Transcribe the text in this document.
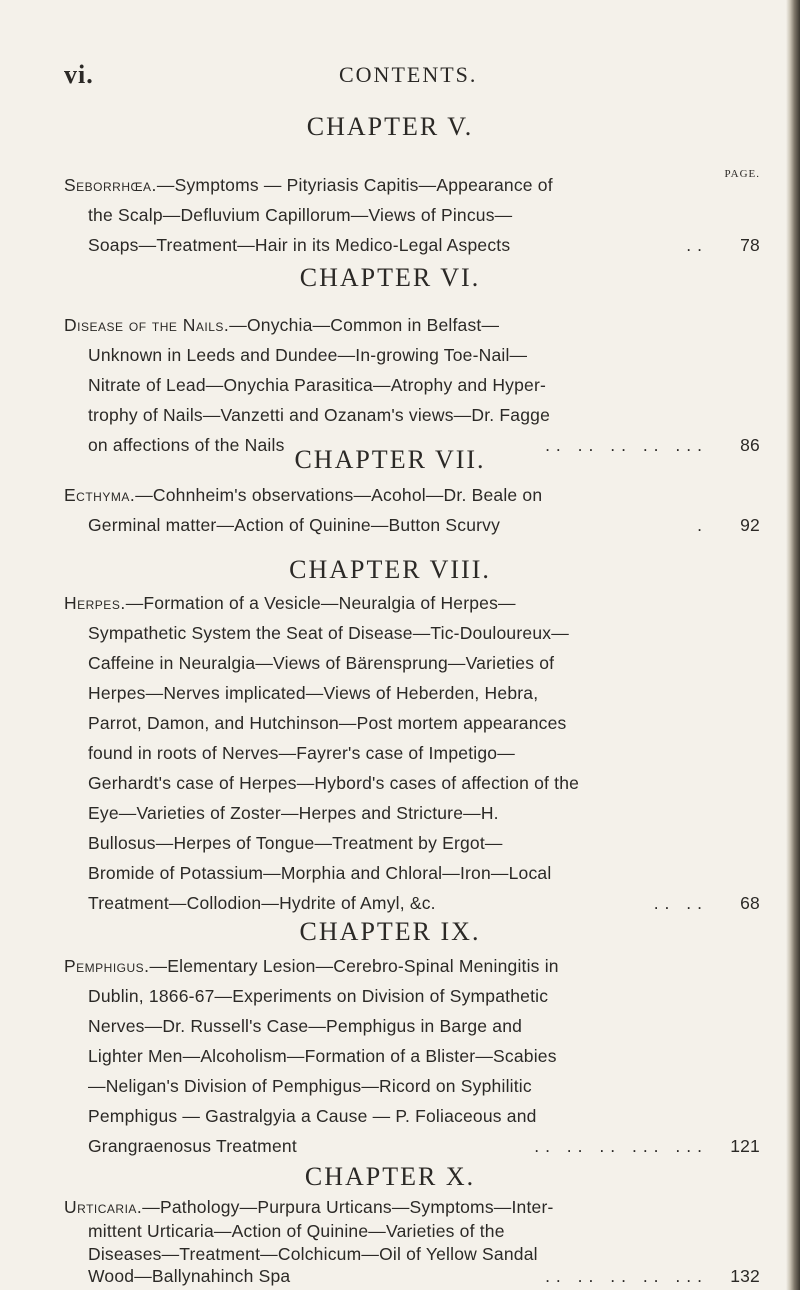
vi.	CONTENTS.
CHAPTER V.
PAGE.
Seborrhœa.—Symptoms — Pityriasis Capitis—Appearance of
the Scalp—Defluvium Capillorum—Views of Pincus—
Soaps—Treatment—Hair in its Medico-Legal Aspects	..	78
CHAPTER VI.
Disease of the Nails.—Onychia—Common in Belfast—
Unknown in Leeds and Dundee—In-growing Toe-Nail—
Nitrate of Lead—Onychia Parasitica—Atrophy and Hyper-
trophy of Nails—Vanzetti and Ozanam's views—Dr. Fagge
on affections of the Nails	.. .. .. .. ...	86
CHAPTER VII.
Ecthyma.—Cohnheim's observations—Acohol—Dr. Beale on
Germinal matter—Action of Quinine—Button Scurvy	.	92
CHAPTER VIII.
Herpes.—Formation of a Vesicle—Neuralgia of Herpes—
Sympathetic System the Seat of Disease—Tic-Douloureux—
Caffeine in Neuralgia—Views of Bärensprung—Varieties of
Herpes—Nerves implicated—Views of Heberden, Hebra,
Parrot, Damon, and Hutchinson—Post mortem appearances
found in roots of Nerves—Fayrer's case of Impetigo—
Gerhardt's case of Herpes—Hybord's cases of affection of the
Eye—Varieties of Zoster—Herpes and Stricture—H.
Bullosus—Herpes of Tongue—Treatment by Ergot—
Bromide of Potassium—Morphia and Chloral—Iron—Local
Treatment—Collodion—Hydrite of Amyl, &c.	.. ..	68
CHAPTER IX.
Pemphigus.—Elementary Lesion—Cerebro-Spinal Meningitis in
Dublin, 1866-67—Experiments on Division of Sympathetic
Nerves—Dr. Russell's Case—Pemphigus in Barge and
Lighter Men—Alcoholism—Formation of a Blister—Scabies
—Neligan's Division of Pemphigus—Ricord on Syphilitic
Pemphigus — Gastralgyia a Cause — P. Foliaceous and
Grangraenosus Treatment	.. .. .. ... ...	121
CHAPTER X.
Urticaria.—Pathology—Purpura Urticans—Symptoms—Inter-
mittent Urticaria—Action of Quinine—Varieties of the
Diseases—Treatment—Colchicum—Oil of Yellow Sandal
Wood—Ballynahinch Spa	.. .. .. .. ...	132
